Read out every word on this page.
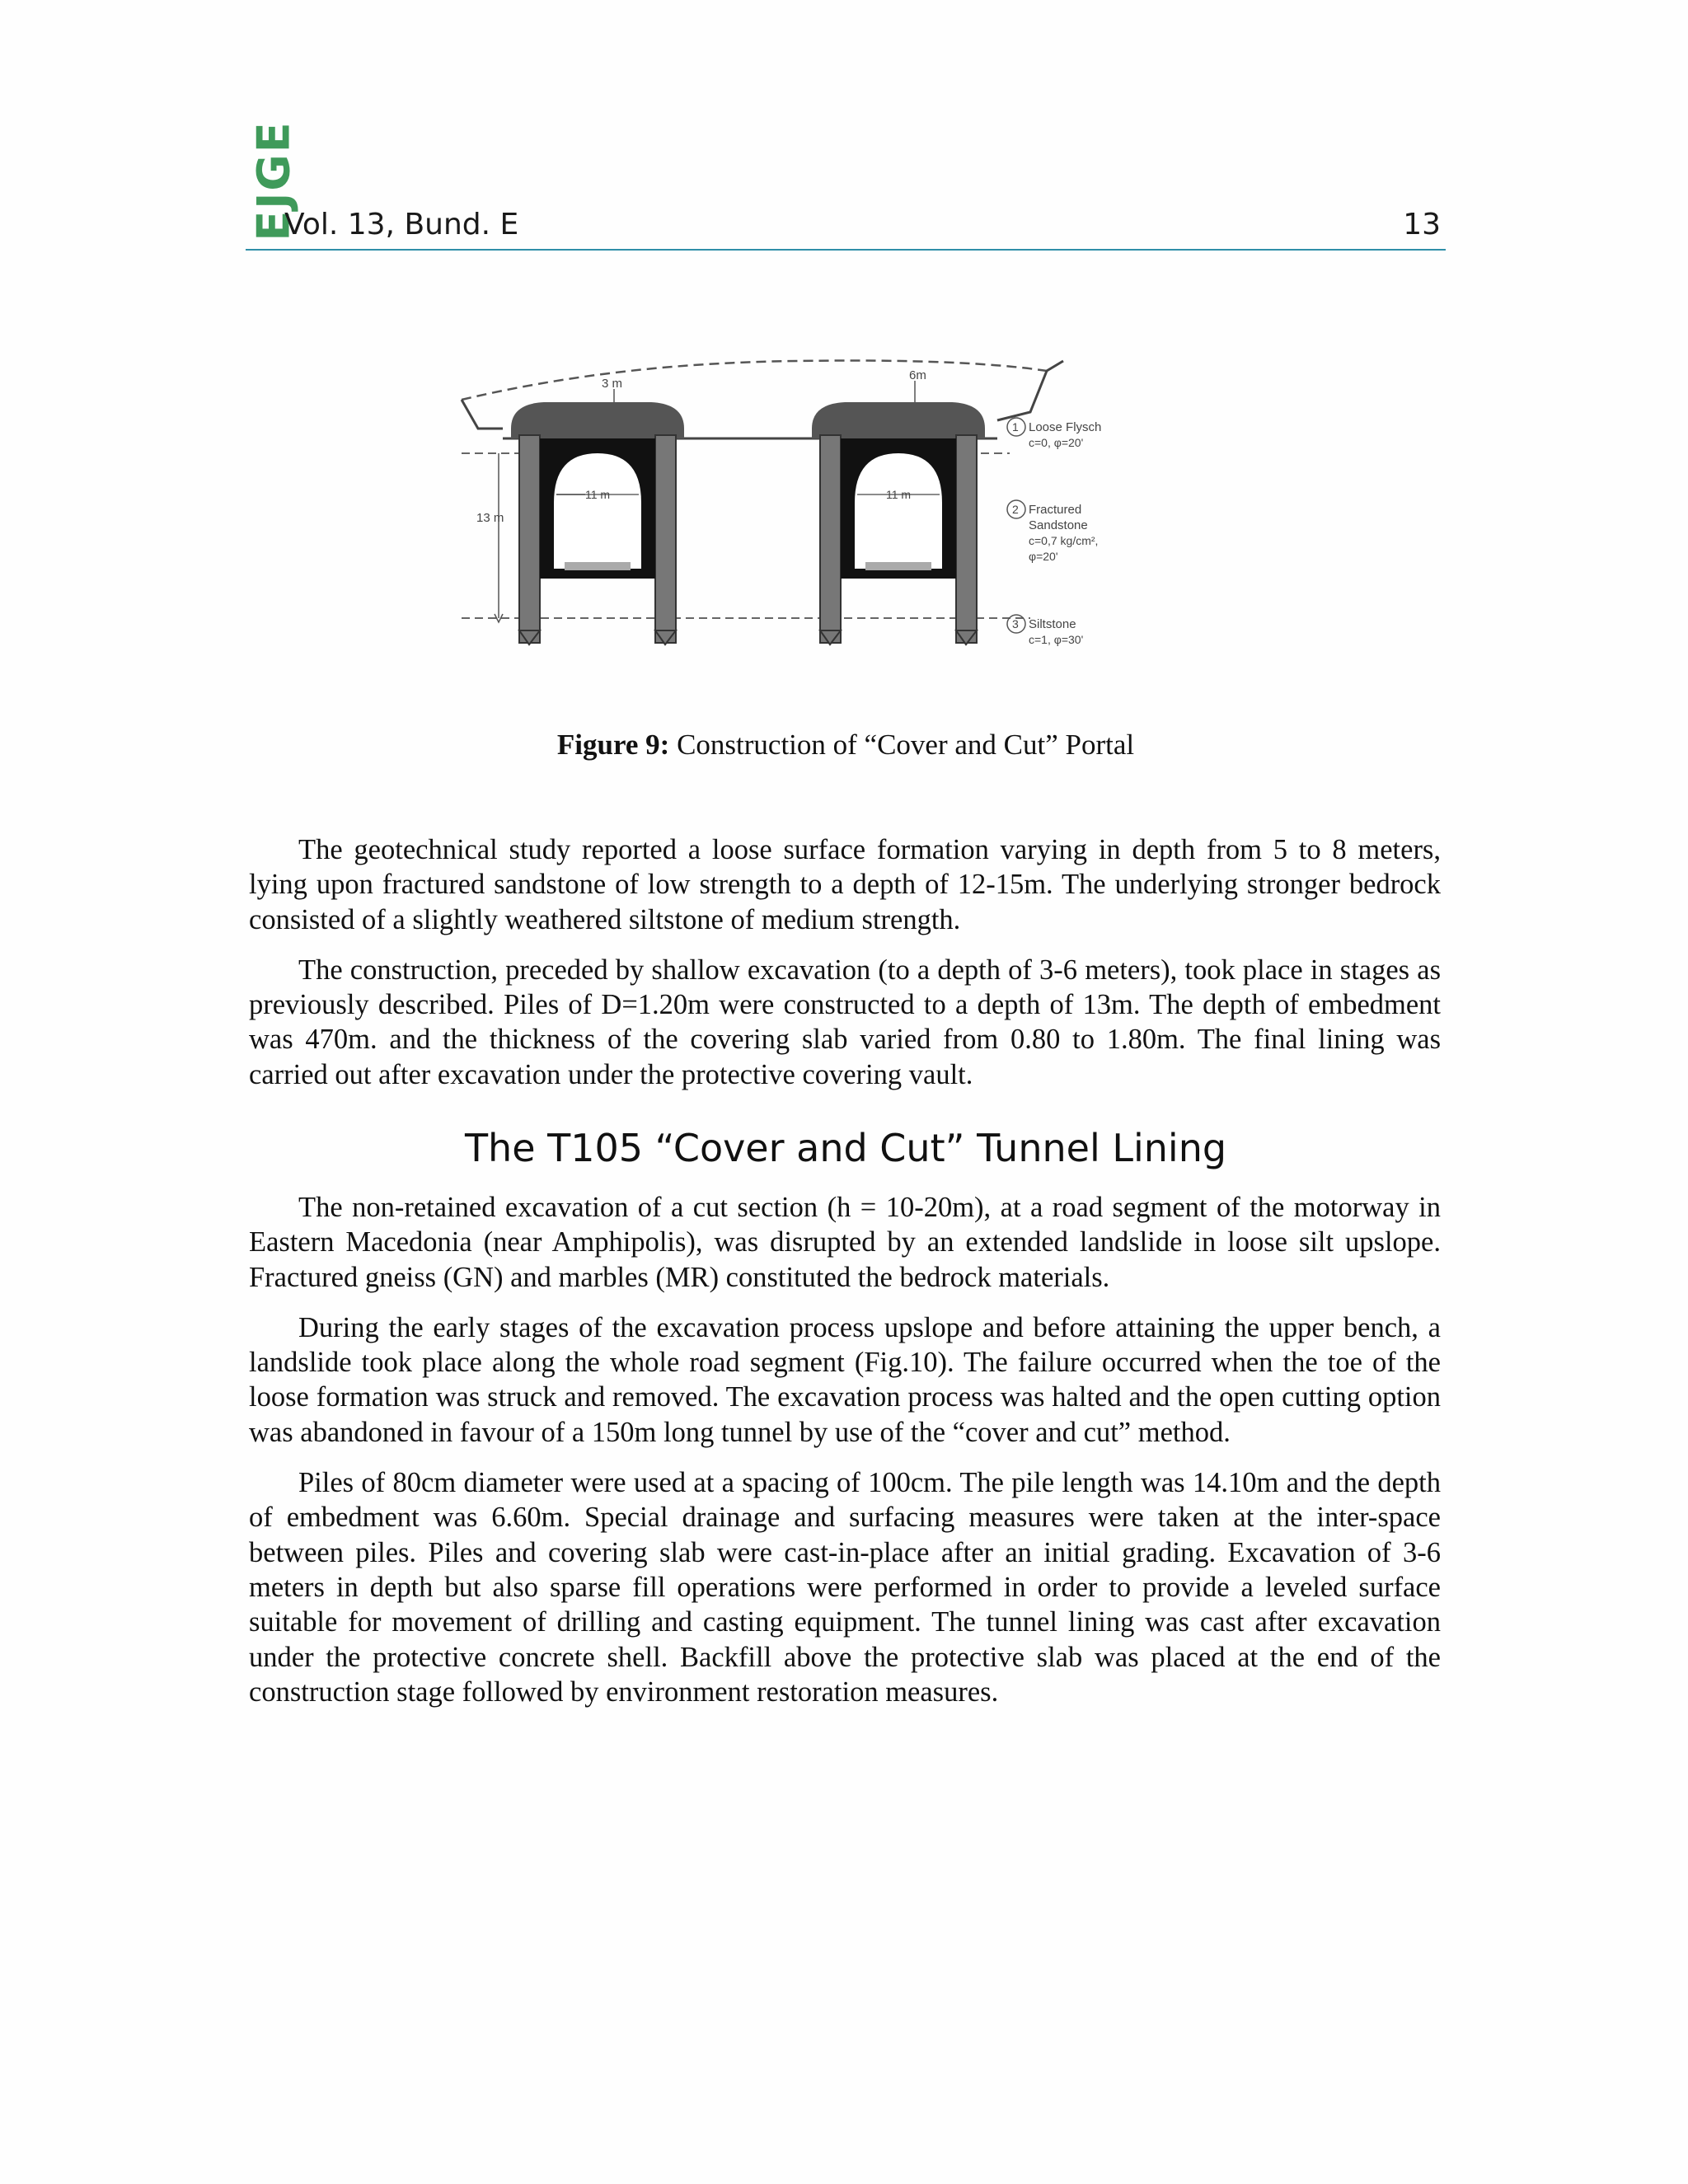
EJGE
Vol. 13, Bund. E	13
13 m
3 m
6m
11 m	11 m
1 Loose Flysch
c=0, φ=20'
2 Fractured
Sandstone
c=0,7 kg/cm²,
φ=20'
3 Siltstone
c=1, φ=30'
Figure 9: Construction of “Cover and Cut” Portal

The geotechnical study reported a loose surface formation varying in depth from 5 to 8 meters, lying upon fractured sandstone of low strength to a depth of 12-15m. The underlying stronger bedrock consisted of a slightly weathered siltstone of medium strength.

The construction, preceded by shallow excavation (to a depth of 3-6 meters), took place in stages as previously described. Piles of D=1.20m were constructed to a depth of 13m. The depth of embedment was 470m. and the thickness of the covering slab varied from 0.80 to 1.80m. The final lining was carried out after excavation under the protective covering vault.

The T105 “Cover and Cut” Tunnel Lining

The non-retained excavation of a cut section (h = 10-20m), at a road segment of the motorway in Eastern Macedonia (near Amphipolis), was disrupted by an extended landslide in loose silt upslope. Fractured gneiss (GN) and marbles (MR) constituted the bedrock materials.

During the early stages of the excavation process upslope and before attaining the upper bench, a landslide took place along the whole road segment (Fig.10). The failure occurred when the toe of the loose formation was struck and removed. The excavation process was halted and the open cutting option was abandoned in favour of a 150m long tunnel by use of the “cover and cut” method.

Piles of 80cm diameter were used at a spacing of 100cm. The pile length was 14.10m and the depth of embedment was 6.60m. Special drainage and surfacing measures were taken at the inter-space between piles. Piles and covering slab were cast-in-place after an initial grading. Excavation of 3-6 meters in depth but also sparse fill operations were performed in order to provide a leveled surface suitable for movement of drilling and casting equipment. The tunnel lining was cast after excavation under the protective concrete shell. Backfill above the protective slab was placed at the end of the construction stage followed by environment restoration measures.
